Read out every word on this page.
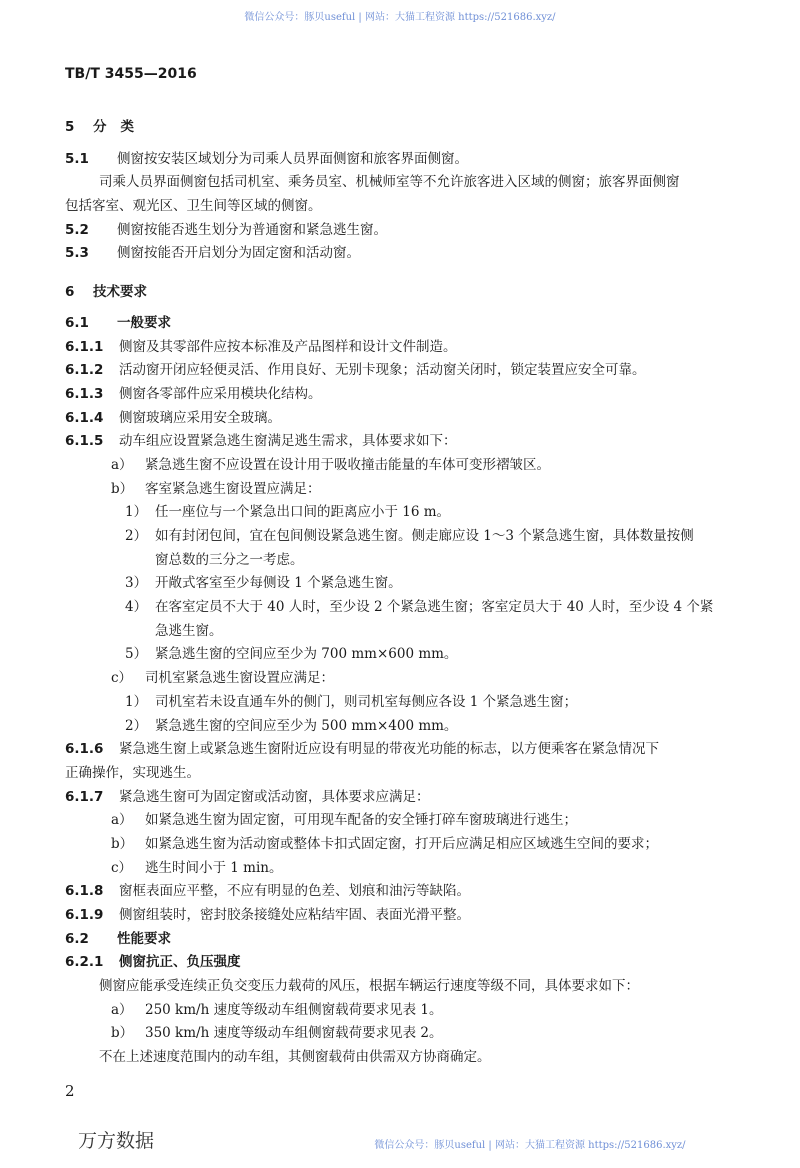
微信公众号：豚贝useful | 网站：大猫工程资源 https://521686.xyz/
TB/T 3455—2016
5 分类
5.1 侧窗按安装区域划分为司乘人员界面侧窗和旅客界面侧窗。
司乘人员界面侧窗包括司机室、乘务员室、机械师室等不允许旅客进入区域的侧窗；旅客界面侧窗
包括客室、观光区、卫生间等区域的侧窗。
5.2 侧窗按能否逃生划分为普通窗和紧急逃生窗。
5.3 侧窗按能否开启划分为固定窗和活动窗。
6 技术要求
6.1 一般要求
6.1.1 侧窗及其零部件应按本标准及产品图样和设计文件制造。
6.1.2 活动窗开闭应轻便灵活、作用良好、无别卡现象；活动窗关闭时，锁定装置应安全可靠。
6.1.3 侧窗各零部件应采用模块化结构。
6.1.4 侧窗玻璃应采用安全玻璃。
6.1.5 动车组应设置紧急逃生窗满足逃生需求，具体要求如下：
a） 紧急逃生窗不应设置在设计用于吸收撞击能量的车体可变形褶皱区。
b） 客室紧急逃生窗设置应满足：
1） 任一座位与一个紧急出口间的距离应小于 16 m。
2） 如有封闭包间，宜在包间侧设紧急逃生窗。侧走廊应设 1～3 个紧急逃生窗，具体数量按侧
窗总数的三分之一考虑。
3） 开敞式客室至少每侧设 1 个紧急逃生窗。
4） 在客室定员不大于 40 人时，至少设 2 个紧急逃生窗；客室定员大于 40 人时，至少设 4 个紧
急逃生窗。
5） 紧急逃生窗的空间应至少为 700 mm×600 mm。
c） 司机室紧急逃生窗设置应满足：
1） 司机室若未设直通车外的侧门，则司机室每侧应各设 1 个紧急逃生窗；
2） 紧急逃生窗的空间应至少为 500 mm×400 mm。
6.1.6 紧急逃生窗上或紧急逃生窗附近应设有明显的带夜光功能的标志，以方便乘客在紧急情况下
正确操作，实现逃生。
6.1.7 紧急逃生窗可为固定窗或活动窗，具体要求应满足：
a） 如紧急逃生窗为固定窗，可用现车配备的安全锤打碎车窗玻璃进行逃生；
b） 如紧急逃生窗为活动窗或整体卡扣式固定窗，打开后应满足相应区域逃生空间的要求；
c） 逃生时间小于 1 min。
6.1.8 窗框表面应平整，不应有明显的色差、划痕和油污等缺陷。
6.1.9 侧窗组装时，密封胶条接缝处应粘结牢固、表面光滑平整。
6.2 性能要求
6.2.1 侧窗抗正、负压强度
侧窗应能承受连续正负交变压力载荷的风压，根据车辆运行速度等级不同，具体要求如下：
a） 250 km/h 速度等级动车组侧窗载荷要求见表 1。
b） 350 km/h 速度等级动车组侧窗载荷要求见表 2。
不在上述速度范围内的动车组，其侧窗载荷由供需双方协商确定。
2
万方数据	微信公众号：豚贝useful | 网站：大猫工程资源 https://521686.xyz/
